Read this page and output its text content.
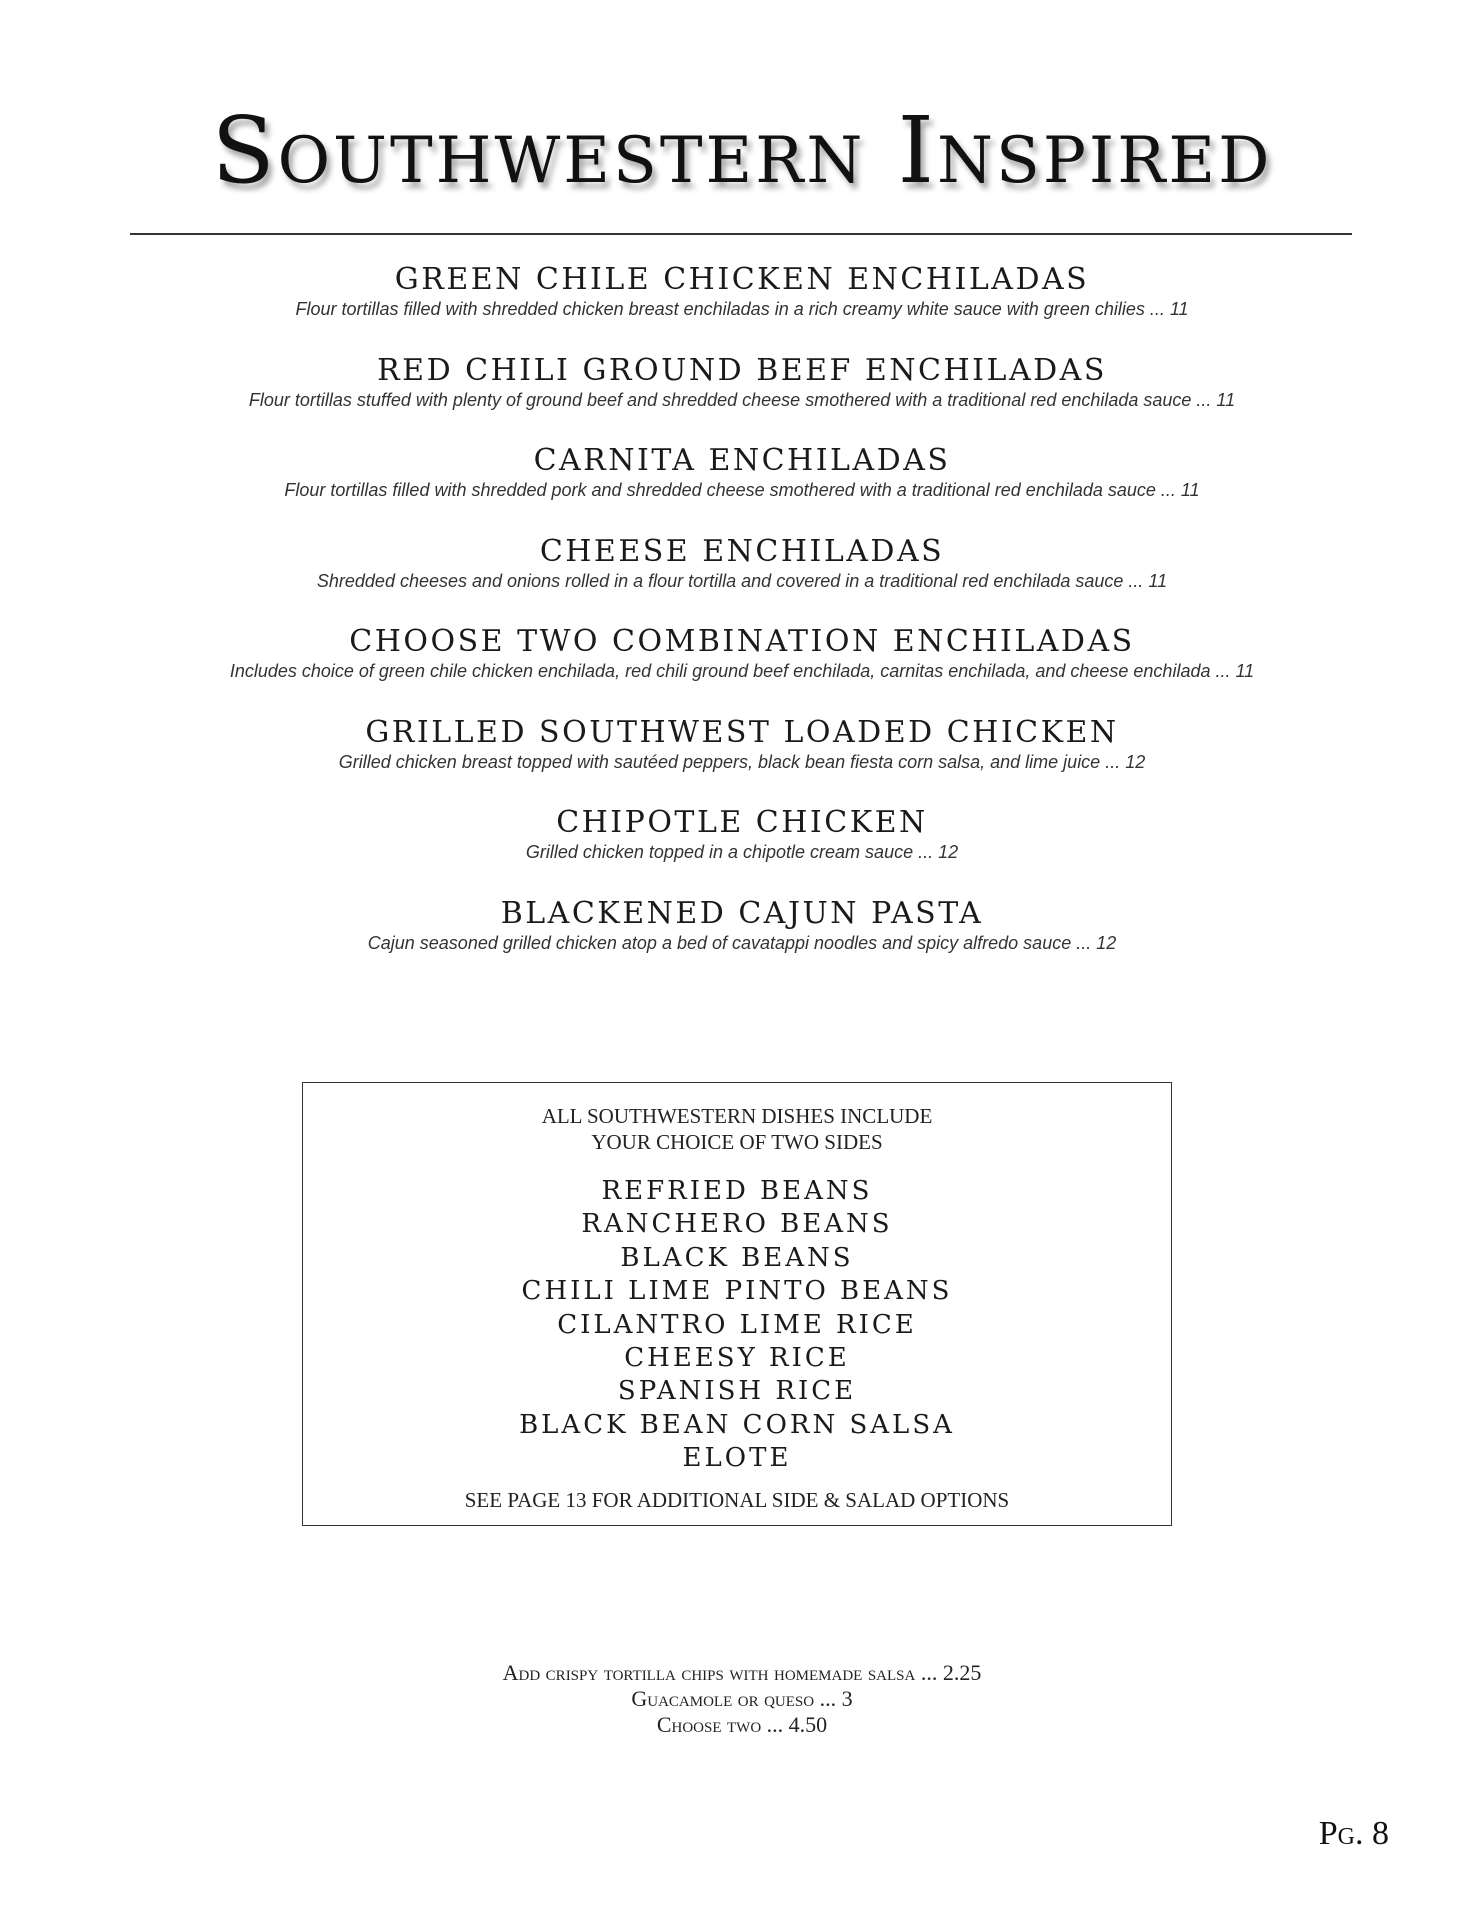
Southwestern Inspired
GREEN CHILE CHICKEN ENCHILADAS
Flour tortillas filled with shredded chicken breast enchiladas in a rich creamy white sauce with green chilies ... 11
RED CHILI GROUND BEEF ENCHILADAS
Flour tortillas stuffed with plenty of ground beef and shredded cheese smothered with a traditional red enchilada sauce ... 11
CARNITA ENCHILADAS
Flour tortillas filled with shredded pork and shredded cheese smothered with a traditional red enchilada sauce ... 11
CHEESE ENCHILADAS
Shredded cheeses and onions rolled in a flour tortilla and covered in a traditional red enchilada sauce ... 11
CHOOSE TWO COMBINATION ENCHILADAS
Includes choice of green chile chicken enchilada, red chili ground beef enchilada, carnitas enchilada, and cheese enchilada ... 11
GRILLED SOUTHWEST LOADED CHICKEN
Grilled chicken breast topped with sautéed peppers, black bean fiesta corn salsa, and lime juice ... 12
CHIPOTLE CHICKEN
Grilled chicken topped in a chipotle cream sauce ... 12
BLACKENED CAJUN PASTA
Cajun seasoned grilled chicken atop a bed of cavatappi noodles and spicy alfredo sauce ... 12
ALL SOUTHWESTERN DISHES INCLUDE
YOUR CHOICE OF TWO SIDES
REFRIED BEANS
RANCHERO BEANS
BLACK BEANS
CHILI LIME PINTO BEANS
CILANTRO LIME RICE
CHEESY RICE
SPANISH RICE
BLACK BEAN CORN SALSA
ELOTE
SEE PAGE 13 FOR ADDITIONAL SIDE & SALAD OPTIONS
Add crispy tortilla chips with homemade salsa ... 2.25
Guacamole or queso ... 3
Choose two ... 4.50
Pg. 8
